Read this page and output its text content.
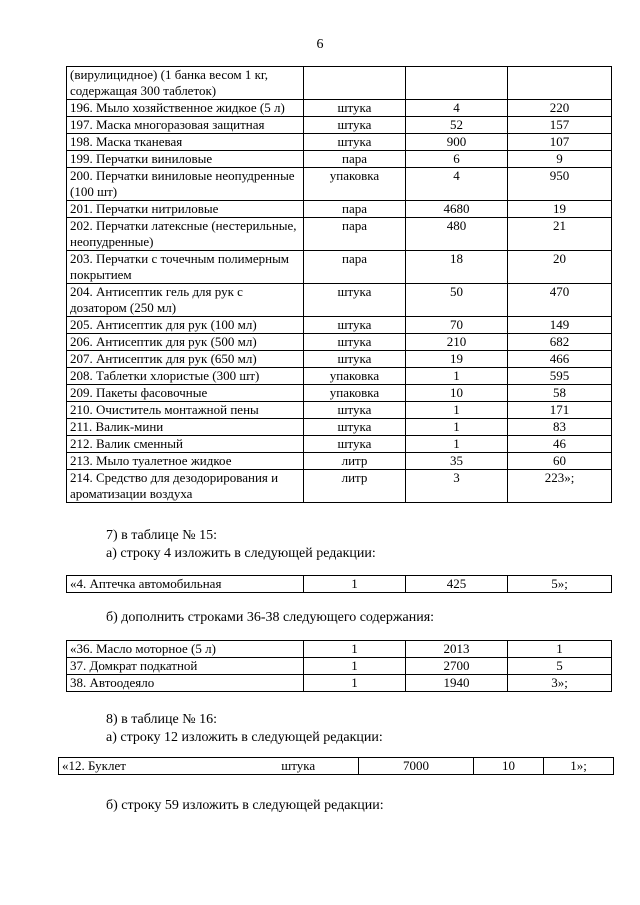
6
(вирулицидное) (1 банка весом 1 кг, содержащая 300 таблеток)			
196. Мыло хозяйственное жидкое (5 л)	штука	4	220
197. Маска многоразовая защитная	штука	52	157
198. Маска тканевая	штука	900	107
199. Перчатки виниловые	пара	6	9
200. Перчатки виниловые неопудренные (100 шт)	упаковка	4	950
201. Перчатки нитриловые	пара	4680	19
202. Перчатки латексные (нестерильные, неопудренные)	пара	480	21
203. Перчатки с точечным полимерным покрытием	пара	18	20
204. Антисептик гель для рук с дозатором (250 мл)	штука	50	470
205. Антисептик для рук (100 мл)	штука	70	149
206. Антисептик для рук (500 мл)	штука	210	682
207. Антисептик для рук (650 мл)	штука	19	466
208. Таблетки хлористые (300 шт)	упаковка	1	595
209. Пакеты фасовочные	упаковка	10	58
210. Очиститель монтажной пены	штука	1	171
211. Валик-мини	штука	1	83
212. Валик сменный	штука	1	46
213. Мыло туалетное жидкое	литр	35	60
214. Средство для дезодорирования и ароматизации воздуха	литр	3	223»;
7) в таблице № 15:
а) строку 4 изложить в следующей редакции:
«4. Аптечка автомобильная	1	425	5»;
б) дополнить строками 36-38 следующего содержания:
«36. Масло моторное (5 л)	1	2013	1
37. Домкрат подкатной	1	2700	5
38. Автоодеяло	1	1940	3»;
8) в таблице № 16:
а) строку 12 изложить в следующей редакции:
«12. Буклет	штука	7000	10	1»;
б) строку 59 изложить в следующей редакции:
